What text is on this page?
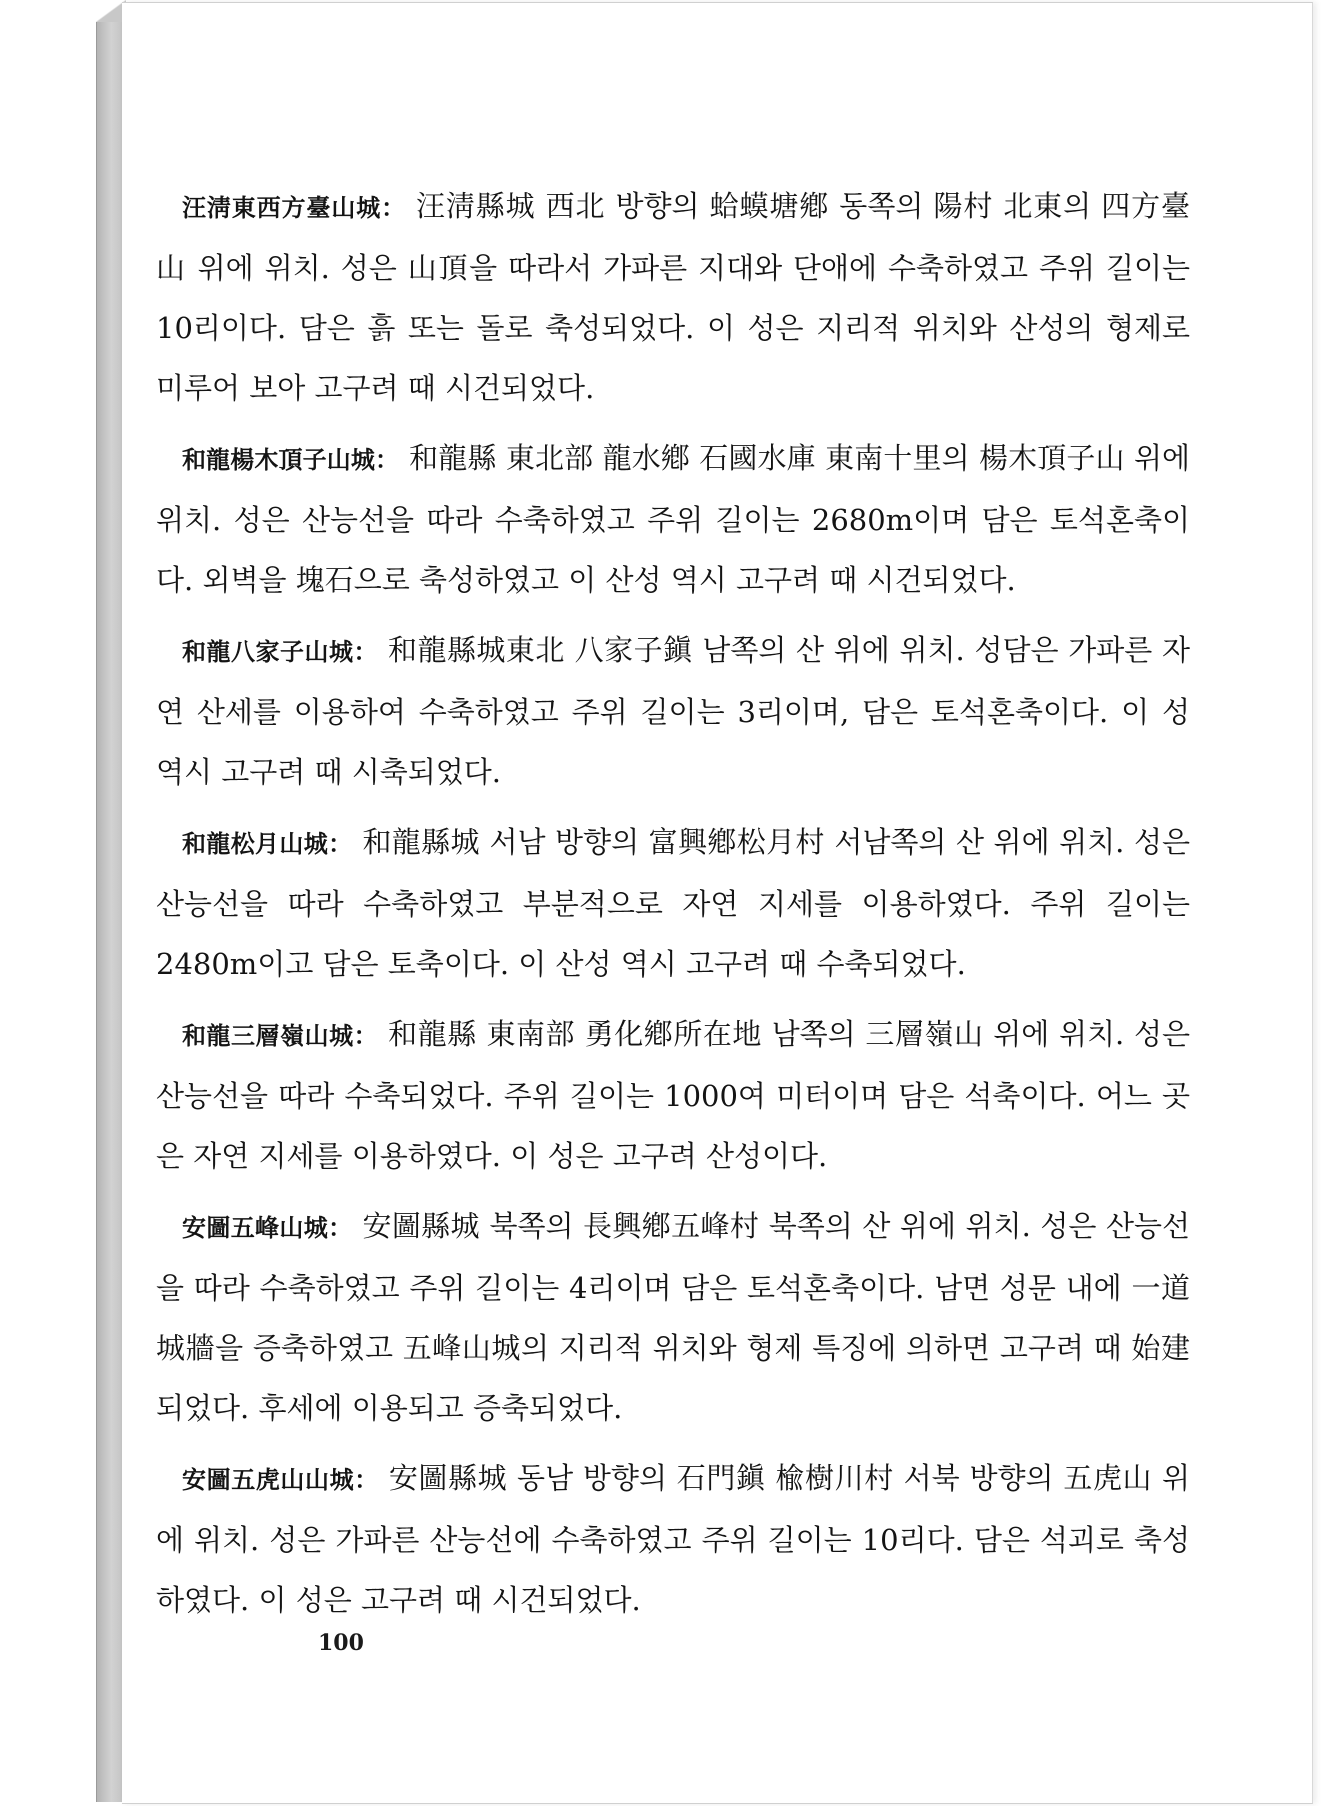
汪淸東西方臺山城： 汪淸縣城 西北 방향의 蛤蟆塘鄕 동쪽의 陽村 北東의 四方臺山 위에 위치. 성은 山頂을 따라서 가파른 지대와 단애에 수축하였고 주위 길이는 10리이다. 담은 흙 또는 돌로 축성되었다. 이 성은 지리적 위치와 산성의 형제로 미루어 보아 고구려 때 시건되었다.

和龍楊木頂子山城： 和龍縣 東北部 龍水鄕 石國水庫 東南十里의 楊木頂子山 위에 위치. 성은 산능선을 따라 수축하였고 주위 길이는 2680m이며 담은 토석혼축이다. 외벽을 塊石으로 축성하였고 이 산성 역시 고구려 때 시건되었다.

和龍八家子山城： 和龍縣城東北 八家子鎭 남쪽의 산 위에 위치. 성담은 가파른 자연 산세를 이용하여 수축하였고 주위 길이는 3리이며, 담은 토석혼축이다. 이 성 역시 고구려 때 시축되었다.

和龍松月山城： 和龍縣城 서남 방향의 富興鄕松月村 서남쪽의 산 위에 위치. 성은 산능선을 따라 수축하였고 부분적으로 자연 지세를 이용하였다. 주위 길이는 2480m이고 담은 토축이다. 이 산성 역시 고구려 때 수축되었다.

和龍三層嶺山城： 和龍縣 東南部 勇化鄕所在地 남쪽의 三層嶺山 위에 위치. 성은 산능선을 따라 수축되었다. 주위 길이는 1000여 미터이며 담은 석축이다. 어느 곳은 자연 지세를 이용하였다. 이 성은 고구려 산성이다.

安圖五峰山城： 安圖縣城 북쪽의 長興鄕五峰村 북쪽의 산 위에 위치. 성은 산능선을 따라 수축하였고 주위 길이는 4리이며 담은 토석혼축이다. 남면 성문 내에 一道城牆을 증축하였고 五峰山城의 지리적 위치와 형제 특징에 의하면 고구려 때 始建되었다. 후세에 이용되고 증축되었다.

安圖五虎山山城： 安圖縣城 동남 방향의 石門鎭 楡樹川村 서북 방향의 五虎山 위에 위치. 성은 가파른 산능선에 수축하였고 주위 길이는 10리다. 담은 석괴로 축성하였다. 이 성은 고구려 때 시건되었다.

100
